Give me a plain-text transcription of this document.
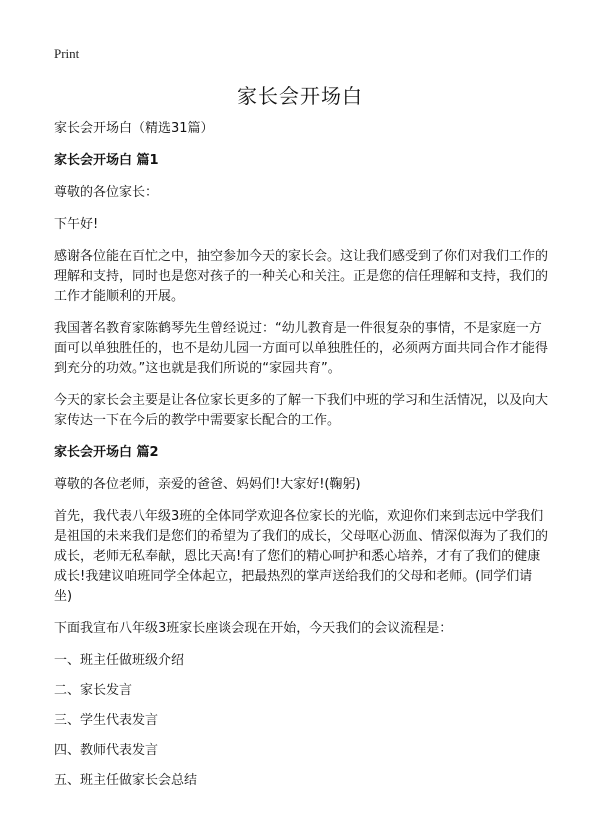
Print

家长会开场白

家长会开场白（精选31篇）

家长会开场白 篇1

尊敬的各位家长：

下午好!

感谢各位能在百忙之中，抽空参加今天的家长会。这让我们感受到了你们对我们工作的理解和支持，同时也是您对孩子的一种关心和关注。正是您的信任理解和支持，我们的工作才能顺利的开展。

我国著名教育家陈鹤琴先生曾经说过：“幼儿教育是一件很复杂的事情，不是家庭一方面可以单独胜任的，也不是幼儿园一方面可以单独胜任的，必须两方面共同合作才能得到充分的功效。”这也就是我们所说的“家园共育”。

今天的家长会主要是让各位家长更多的了解一下我们中班的学习和生活情况，以及向大家传达一下在今后的教学中需要家长配合的工作。

家长会开场白 篇2

尊敬的各位老师，亲爱的爸爸、妈妈们!大家好!(鞠躬)

首先，我代表八年级3班的全体同学欢迎各位家长的光临，欢迎你们来到志远中学我们是祖国的未来我们是您们的希望为了我们的成长，父母呕心沥血、情深似海为了我们的成长，老师无私奉献，恩比天高!有了您们的精心呵护和悉心培养，才有了我们的健康成长!我建议咱班同学全体起立，把最热烈的掌声送给我们的父母和老师。(同学们请坐)

下面我宣布八年级3班家长座谈会现在开始，今天我们的会议流程是：

一、班主任做班级介绍

二、家长发言

三、学生代表发言

四、教师代表发言

五、班主任做家长会总结
